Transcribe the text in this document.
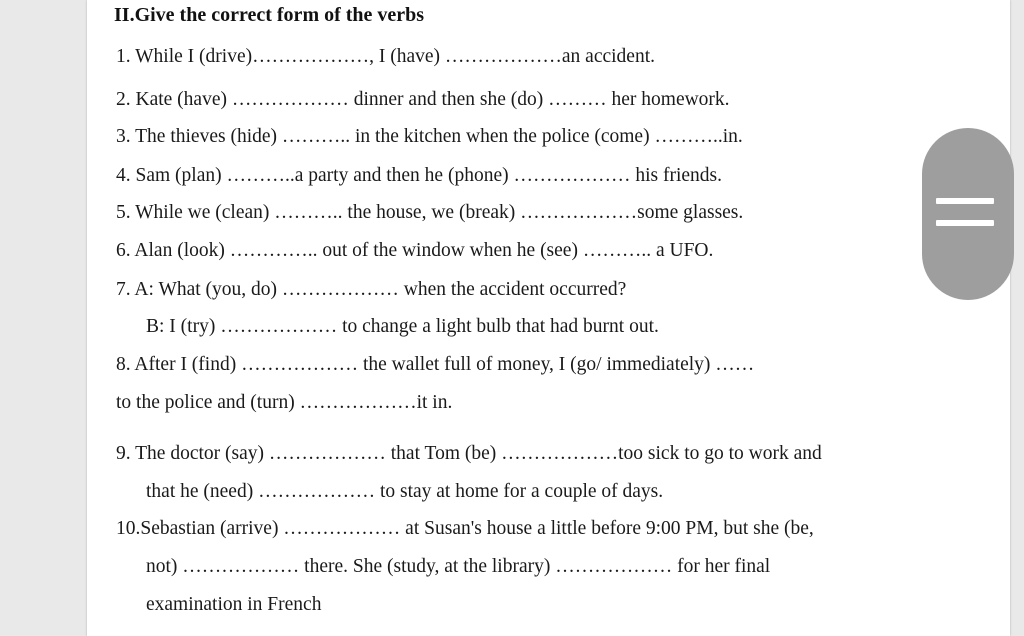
II.Give the correct form of the verbs
1. While I (drive)………………, I (have) ………………an accident.
2. Kate (have) ……………… dinner and then she (do) ……… her homework.
3. The thieves (hide) ……….. in the kitchen when the police (come) ………..in.
4. Sam (plan) ………..a party and then he (phone) ……………… his friends.
5. While we (clean) ……….. the house, we (break) ………………some glasses.
6. Alan (look) ………….. out of the window when he (see) ……….. a UFO.
7. A: What (you, do) ……………… when the accident occurred?
B: I (try) ……………… to change a light bulb that had burnt out.
8. After I (find) ……………… the wallet full of money, I (go/ immediately) ……
to the police and (turn) ………………it in.
9. The doctor (say) ……………… that Tom (be) ………………too sick to go to work and
that he (need) ……………… to stay at home for a couple of days.
10.Sebastian (arrive) ……………… at Susan's house a little before 9:00 PM, but she (be,
not) ……………… there. She (study, at the library) ……………… for her final
examination in French
